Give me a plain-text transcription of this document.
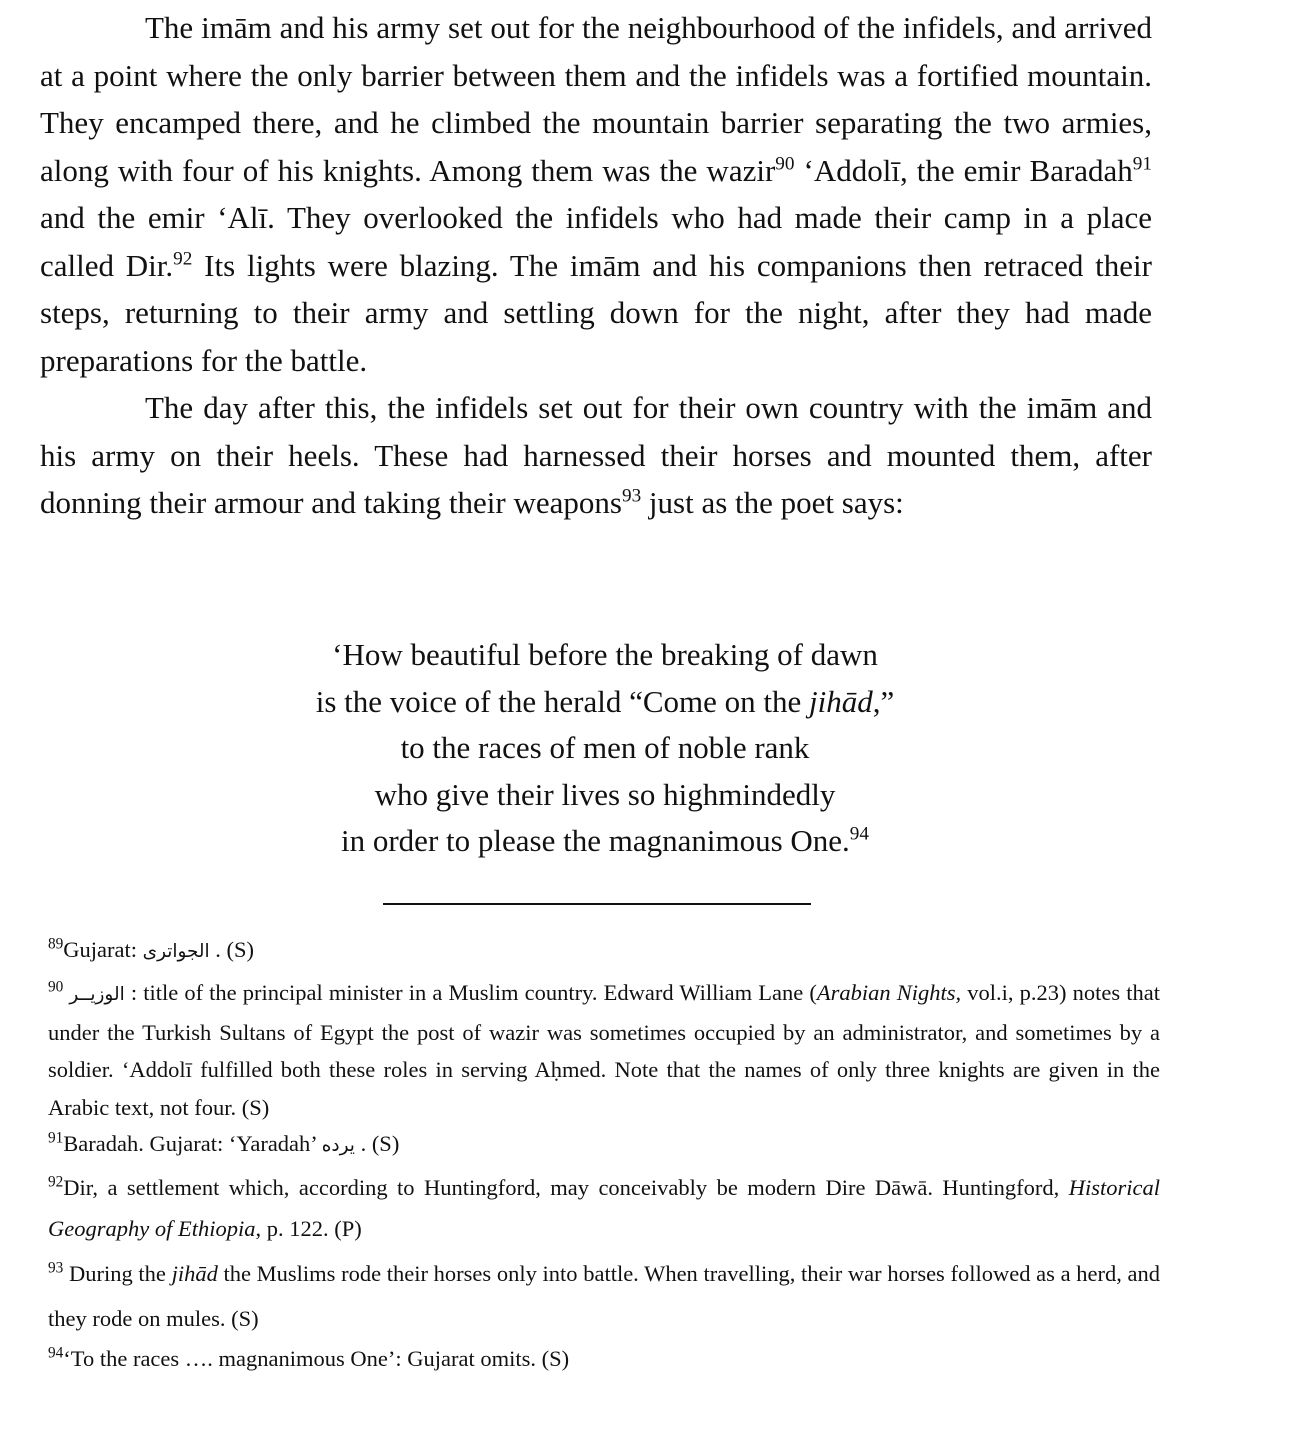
The imām and his army set out for the neighbourhood of the infidels, and arrived at a point where the only barrier between them and the infidels was a fortified mountain. They encamped there, and he climbed the mountain barrier separating the two armies, along with four of his knights. Among them was the wazir$^{90}$ ‘Addolī, the emir Baradah$^{91}$ and the emir ‘Alī. They overlooked the infidels who had made their camp in a place called Dir.$^{92}$ Its lights were blazing. The imām and his companions then retraced their steps, returning to their army and settling down for the night, after they had made preparations for the battle.

The day after this, the infidels set out for their own country with the imām and his army on their heels. These had harnessed their horses and mounted them, after donning their armour and taking their weapons$^{93}$ just as the poet says:

‘How beautiful before the breaking of dawn
is the voice of the herald “Come on the jihād,”
to the races of men of noble rank
who give their lives so highmindedly
in order to please the magnanimous One.$^{94}$

$^{89}$Gujarat: الجواترى . (S)

$^{90}$ الوزيــر : title of the principal minister in a Muslim country. Edward William Lane (Arabian Nights, vol.i, p.23) notes that under the Turkish Sultans of Egypt the post of wazir was sometimes occupied by an administrator, and sometimes by a soldier. ‘Addolī fulfilled both these roles in serving Aḥmed. Note that the names of only three knights are given in the Arabic text, not four. (S)

$^{91}$Baradah. Gujarat: ‘Yaradah’ يرده . (S)

$^{92}$Dir, a settlement which, according to Huntingford, may conceivably be modern Dire Dāwā. Huntingford, Historical Geography of Ethiopia, p. 122. (P)

$^{93}$ During the jihād the Muslims rode their horses only into battle. When travelling, their war horses followed as a herd, and they rode on mules. (S)

$^{94}$‘To the races …. magnanimous One’: Gujarat omits. (S)
